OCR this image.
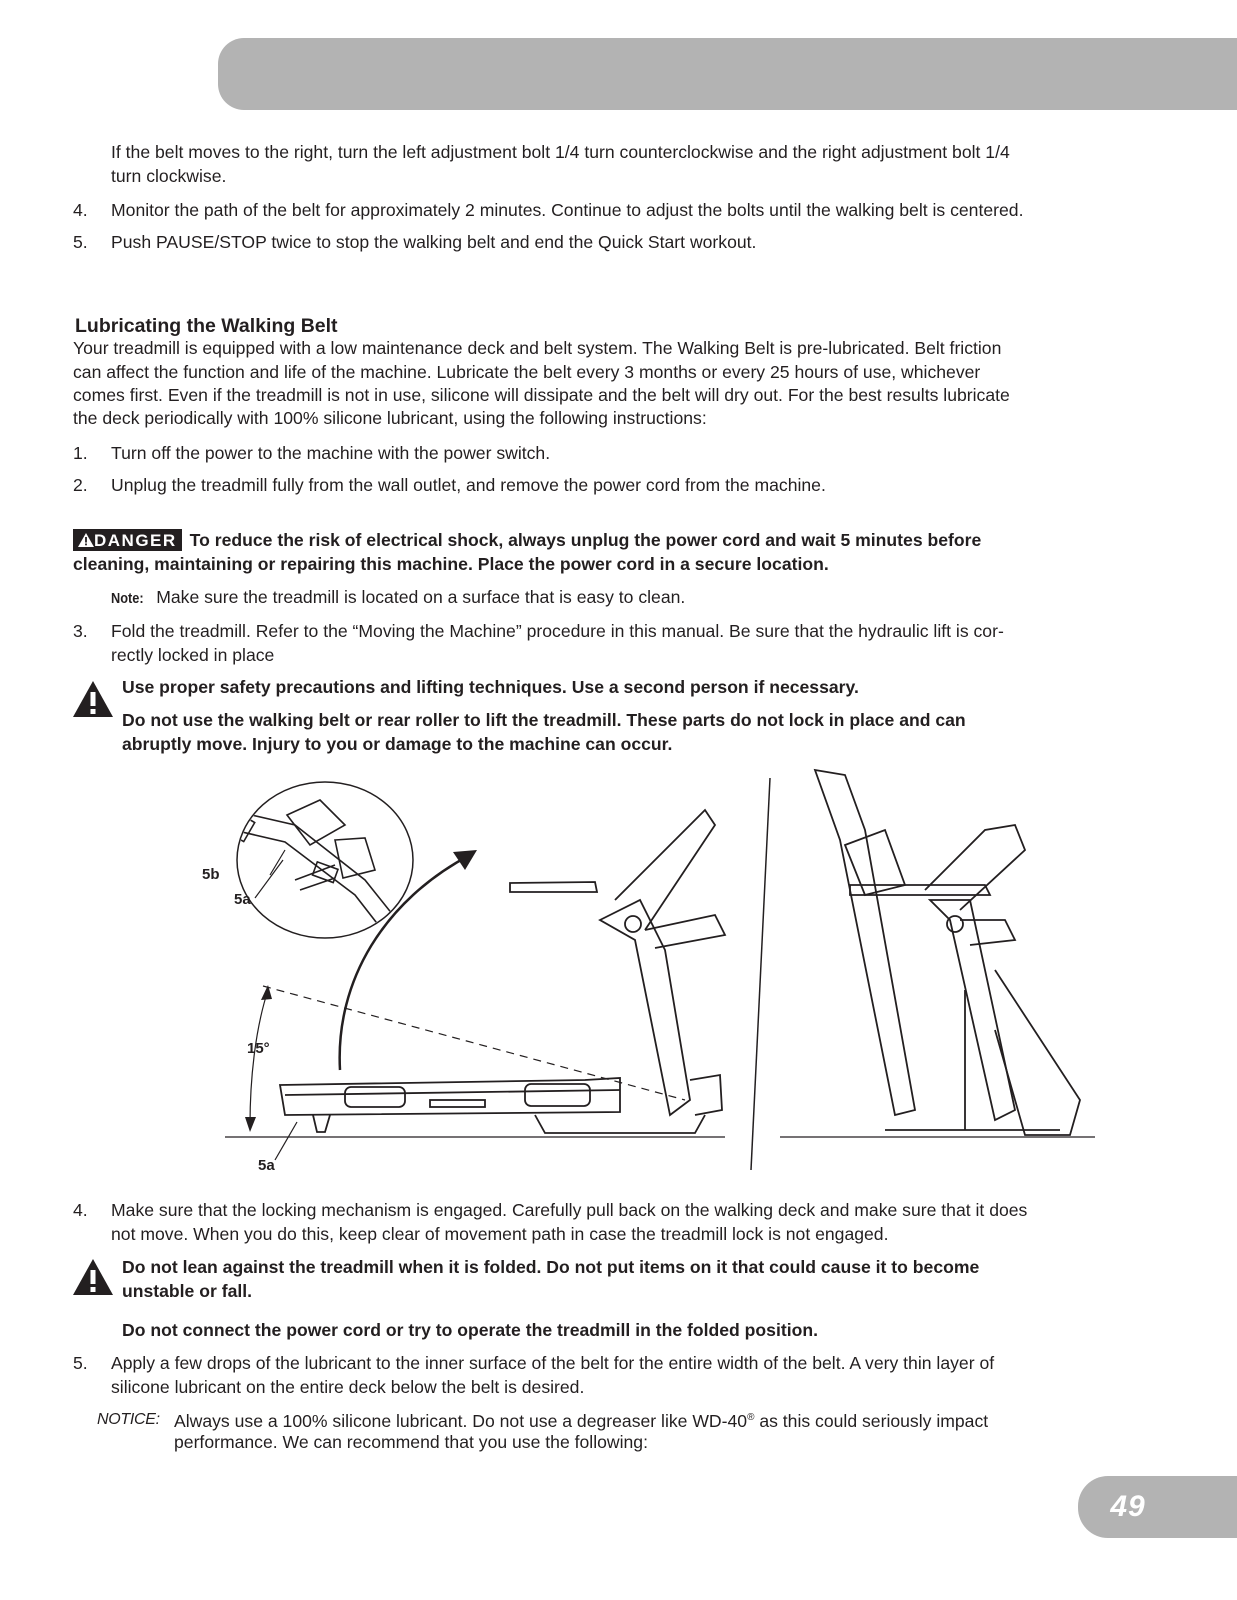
If the belt moves to the right, turn the left adjustment bolt 1/4 turn counterclockwise and the right adjustment bolt 1/4
turn clockwise.
4. Monitor the path of the belt for approximately 2 minutes. Continue to adjust the bolts until the walking belt is centered.
5. Push PAUSE/STOP twice to stop the walking belt and end the Quick Start workout.
Lubricating the Walking Belt
Your treadmill is equipped with a low maintenance deck and belt system. The Walking Belt is pre-lubricated. Belt friction
can affect the function and life of the machine. Lubricate the belt every 3 months or every 25 hours of use, whichever
comes first. Even if the treadmill is not in use, silicone will dissipate and the belt will dry out. For the best results lubricate
the deck periodically with 100% silicone lubricant, using the following instructions:
1. Turn off the power to the machine with the power switch.
2. Unplug the treadmill fully from the wall outlet, and remove the power cord from the machine.
DANGER To reduce the risk of electrical shock, always unplug the power cord and wait 5 minutes before
cleaning, maintaining or repairing this machine. Place the power cord in a secure location.
Note: Make sure the treadmill is located on a surface that is easy to clean.
3. Fold the treadmill. Refer to the “Moving the Machine” procedure in this manual. Be sure that the hydraulic lift is cor-
rectly locked in place
Use proper safety precautions and lifting techniques. Use a second person if necessary.
Do not use the walking belt or rear roller to lift the treadmill. These parts do not lock in place and can
abruptly move. Injury to you or damage to the machine can occur.
5b
5a
15°
5a
4. Make sure that the locking mechanism is engaged. Carefully pull back on the walking deck and make sure that it does
not move. When you do this, keep clear of movement path in case the treadmill lock is not engaged.
Do not lean against the treadmill when it is folded. Do not put items on it that could cause it to become
unstable or fall.
Do not connect the power cord or try to operate the treadmill in the folded position.
5. Apply a few drops of the lubricant to the inner surface of the belt for the entire width of the belt. A very thin layer of
silicone lubricant on the entire deck below the belt is desired.
NOTICE: Always use a 100% silicone lubricant. Do not use a degreaser like WD-40® as this could seriously impact
performance. We can recommend that you use the following:
49
